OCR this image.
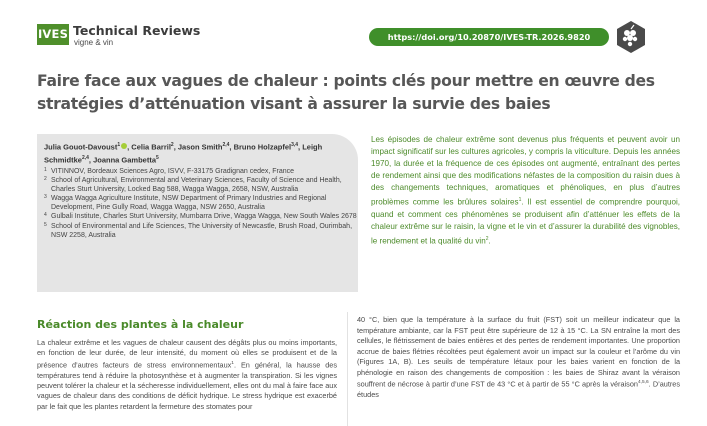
IVES Technical Reviews
vigne & vin
https://doi.org/10.20870/IVES-TR.2026.9820
Faire face aux vagues de chaleur : points clés pour mettre en œuvre des stratégies d’atténuation visant à assurer la survie des baies
Julia Gouot-Davoust$^1$ , Celia Barril$^2$, Jason Smith$^{2,4}$, Bruno Holzapfel$^{3,4}$, Leigh Schmidtke$^{2,4}$, Joanna Gambetta$^5$
1 VITINNOV, Bordeaux Sciences Agro, ISVV, F-33175 Gradignan cedex, France
2 School of Agricultural, Environmental and Veterinary Sciences, Faculty of Science and Health, Charles Sturt University, Locked Bag 588, Wagga Wagga, 2658, NSW, Australia
3 Wagga Wagga Agriculture Institute, NSW Department of Primary Industries and Regional Development, Pine Gully Road, Wagga Wagga, NSW 2650, Australia
4 Gulbali Institute, Charles Sturt University, Mumbarra Drive, Wagga Wagga, New South Wales 2678
5 School of Environmental and Life Sciences, The University of Newcastle, Brush Road, Ourimbah, NSW 2258, Australia

Les épisodes de chaleur extrême sont devenus plus fréquents et peuvent avoir un impact significatif sur les cultures agricoles, y compris la viticulture. Depuis les années 1970, la durée et la fréquence de ces épisodes ont augmenté, entraînant des pertes de rendement ainsi que des modifications néfastes de la composition du raisin dues à des changements techniques, aromatiques et phénoliques, en plus d’autres problèmes comme les brûlures solaires$^1$. Il est essentiel de comprendre pourquoi, quand et comment ces phénomènes se produisent afin d’atténuer les effets de la chaleur extrême sur le raisin, la vigne et le vin et d’assurer la durabilité des vignobles, le rendement et la qualité du vin$^2$.

Réaction des plantes à la chaleur

La chaleur extrême et les vagues de chaleur causent des dégâts plus ou moins importants, en fonction de leur durée, de leur intensité, du moment où elles se produisent et de la présence d’autres facteurs de stress environnementaux$^1$. En général, la hausse des températures tend à réduire la photosynthèse et à augmenter la transpiration. Si les vignes peuvent tolérer la chaleur et la sécheresse individuellement, elles ont du mal à faire face aux vagues de chaleur dans des conditions de déficit hydrique. Le stress hydrique est exacerbé par le fait que les plantes retardent la fermeture des stomates pour

40 °C, bien que la température à la surface du fruit (FST) soit un meilleur indicateur que la température ambiante, car la FST peut être supérieure de 12 à 15 °C. La SN entraîne la mort des cellules, le flétrissement de baies entières et des pertes de rendement importantes. Une proportion accrue de baies flétries récoltées peut également avoir un impact sur la couleur et l’arôme du vin (Figures 1A, B). Les seuils de température létaux pour les baies varient en fonction de la phénologie en raison des changements de composition : les baies de Shiraz avant la véraison souffrent de nécrose à partir d’une FST de 43 °C et à partir de 55 °C après la véraison$^{4,5,6}$. D’autres études
